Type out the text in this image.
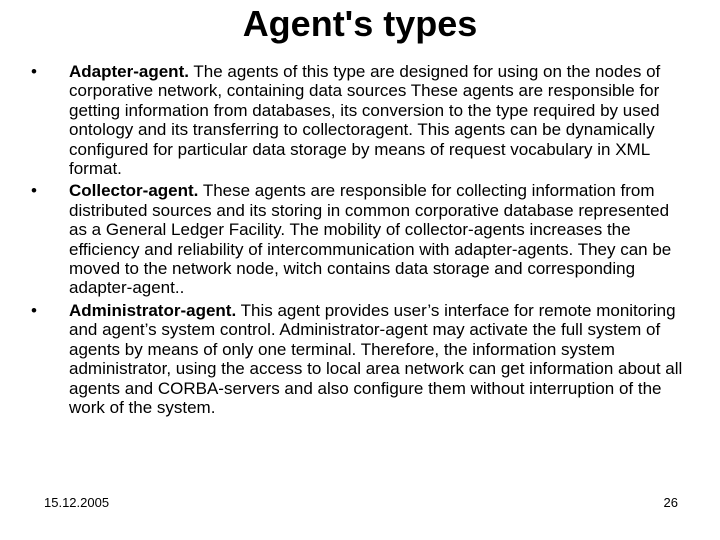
Agent's types
• Adapter-agent. The agents of this type are designed for using on the nodes of corporative network, containing data sources These agents are responsible for getting information from databases, its conversion to the type required by used ontology and its transferring to collectoragent. This agents can be dynamically configured for particular data storage by means of request vocabulary in XML format.
• Collector-agent. These agents are responsible for collecting information from distributed sources and its storing in common corporative database represented as a General Ledger Facility. The mobility of collector-agents increases the efficiency and reliability of intercommunication with adapter-agents. They can be moved to the network node, witch contains data storage and corresponding adapter-agent..
• Administrator-agent. This agent provides user’s interface for remote monitoring and agent’s system control. Administrator-agent may activate the full system of agents by means of only one terminal. Therefore, the information system administrator, using the access to local area network can get information about all agents and CORBA-servers and also configure them without interruption of the work of the system.
15.12.2005	26
